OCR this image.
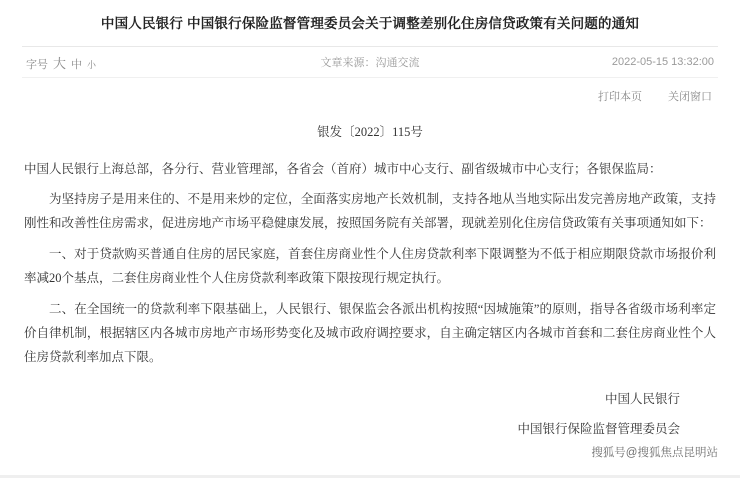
中国人民银行 中国银行保险监督管理委员会关于调整差别化住房信贷政策有关问题的通知
字号 大 中 小	文章来源：沟通交流	2022-05-15 13:32:00
打印本页 关闭窗口
银发〔2022〕115号

中国人民银行上海总部，各分行、营业管理部，各省会（首府）城市中心支行、副省级城市中心支行；各银保监局：

为坚持房子是用来住的、不是用来炒的定位，全面落实房地产长效机制，支持各地从当地实际出发完善房地产政策，支持刚性和改善性住房需求，促进房地产市场平稳健康发展，按照国务院有关部署，现就差别化住房信贷政策有关事项通知如下：

一、对于贷款购买普通自住房的居民家庭，首套住房商业性个人住房贷款利率下限调整为不低于相应期限贷款市场报价利率减20个基点，二套住房商业性个人住房贷款利率政策下限按现行规定执行。

二、在全国统一的贷款利率下限基础上，人民银行、银保监会各派出机构按照“因城施策”的原则，指导各省级市场利率定价自律机制，根据辖区内各城市房地产市场形势变化及城市政府调控要求，自主确定辖区内各城市首套和二套住房商业性个人住房贷款利率加点下限。

中国人民银行
中国银行保险监督管理委员会
搜狐号@搜狐焦点昆明站
